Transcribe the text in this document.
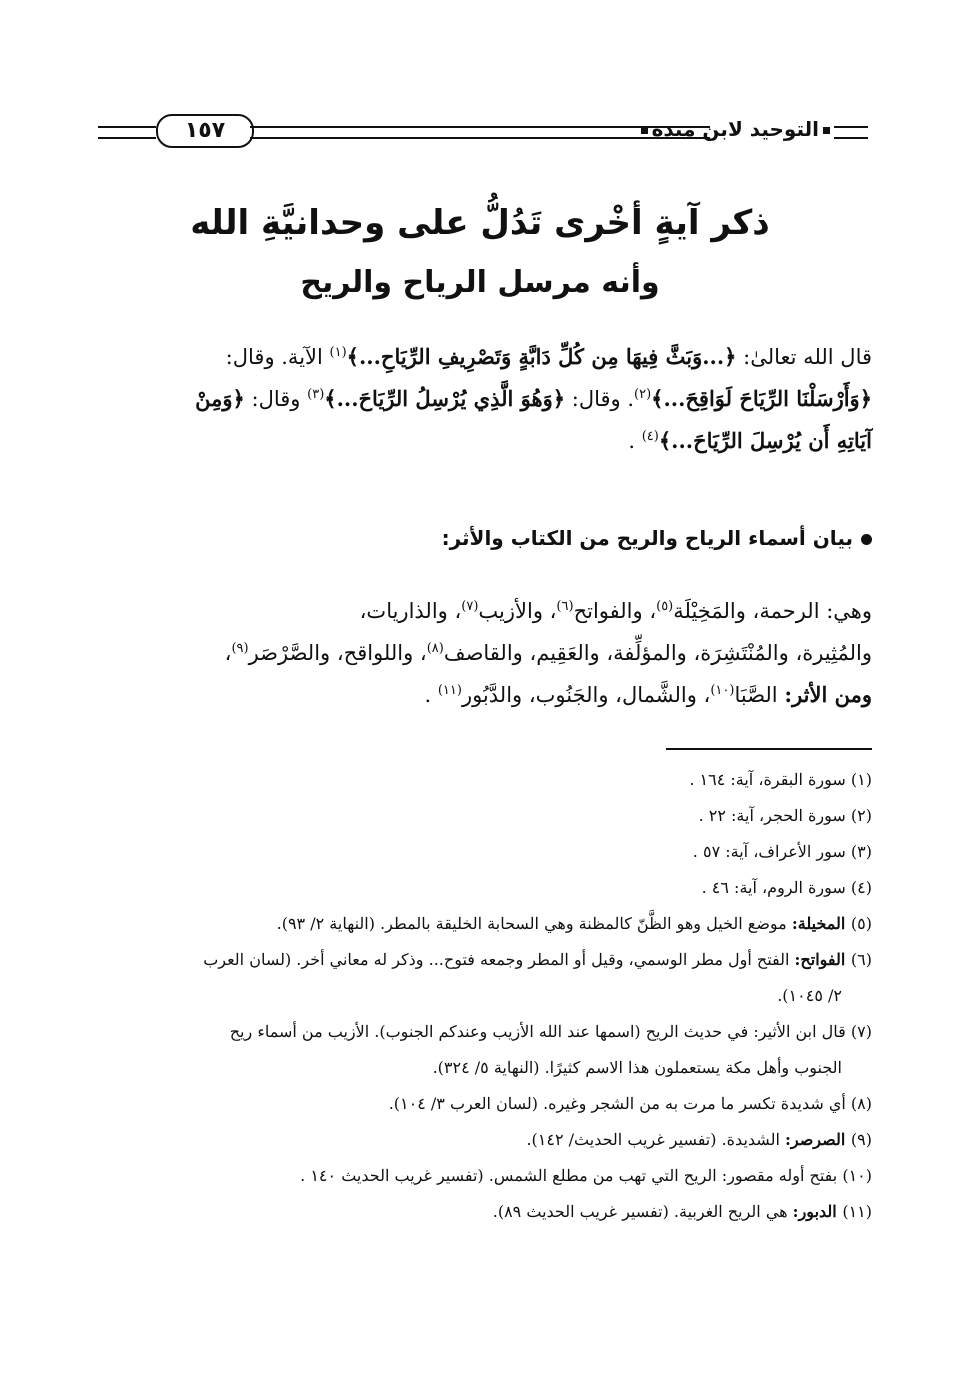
١٥٧	التوحيد لابن منده
ذكر آيةٍ أخْرى تَدُلُّ على وحدانيَّةِ الله
وأنه مرسل الرياح والريح
قال الله تعالىٰ: ﴿...وَبَثَّ فِيهَا مِن كُلِّ دَابَّةٍ وَتَصْرِيفِ الرِّيَاحِ...﴾$^{(١)}$ الآية. وقال:
﴿وَأَرْسَلْنَا الرِّيَاحَ لَوَاقِحَ...﴾$^{(٢)}$. وقال: ﴿وَهُوَ الَّذِي يُرْسِلُ الرِّيَاحَ...﴾$^{(٣)}$ وقال: ﴿وَمِنْ
آيَاتِهِ أَن يُرْسِلَ الرِّيَاحَ...﴾$^{(٤)}$ .
بيان أسماء الرياح والريح من الكتاب والأثر:
وهي: الرحمة، والمَخِيْلَة$^{(٥)}$، والفواتح$^{(٦)}$، والأزيب$^{(٧)}$، والذاريات،
والمُثِيرة، والمُنْتَشِرَة، والمؤلِّفة، والعَقِيم، والقاصف$^{(٨)}$، واللواقح، والصَّرْصَر$^{(٩)}$،
ومن الأثر: الصَّبَا$^{(١٠)}$، والشَّمال، والجَنُوب، والدَّبُور$^{(١١)}$ .
(١) سورة البقرة، آية: ١٦٤ .
(٢) سورة الحجر، آية: ٢٢ .
(٣) سور الأعراف، آية: ٥٧ .
(٤) سورة الروم، آية: ٤٦ .
(٥) المخيلة: موضع الخيل وهو الظَّنّ كالمظنة وهي السحابة الخليقة بالمطر. (النهاية ٢/ ٩٣).
(٦) الفواتح: الفتح أول مطر الوسمي، وقيل أو المطر وجمعه فتوح... وذكر له معاني أخر. (لسان العرب
٢/ ١٠٤٥).
(٧) قال ابن الأثير: في حديث الريح (اسمها عند الله الأزيب وعندكم الجنوب). الأزيب من أسماء ريح
الجنوب وأهل مكة يستعملون هذا الاسم كثيرًا. (النهاية ٥/ ٣٢٤).
(٨) أي شديدة تكسر ما مرت به من الشجر وغيره. (لسان العرب ٣/ ١٠٤).
(٩) الصرصر: الشديدة. (تفسير غريب الحديث/ ١٤٢).
(١٠) بفتح أوله مقصور: الريح التي تهب من مطلع الشمس. (تفسير غريب الحديث ١٤٠ .
(١١) الدبور: هي الريح الغربية. (تفسير غريب الحديث ٨٩).
